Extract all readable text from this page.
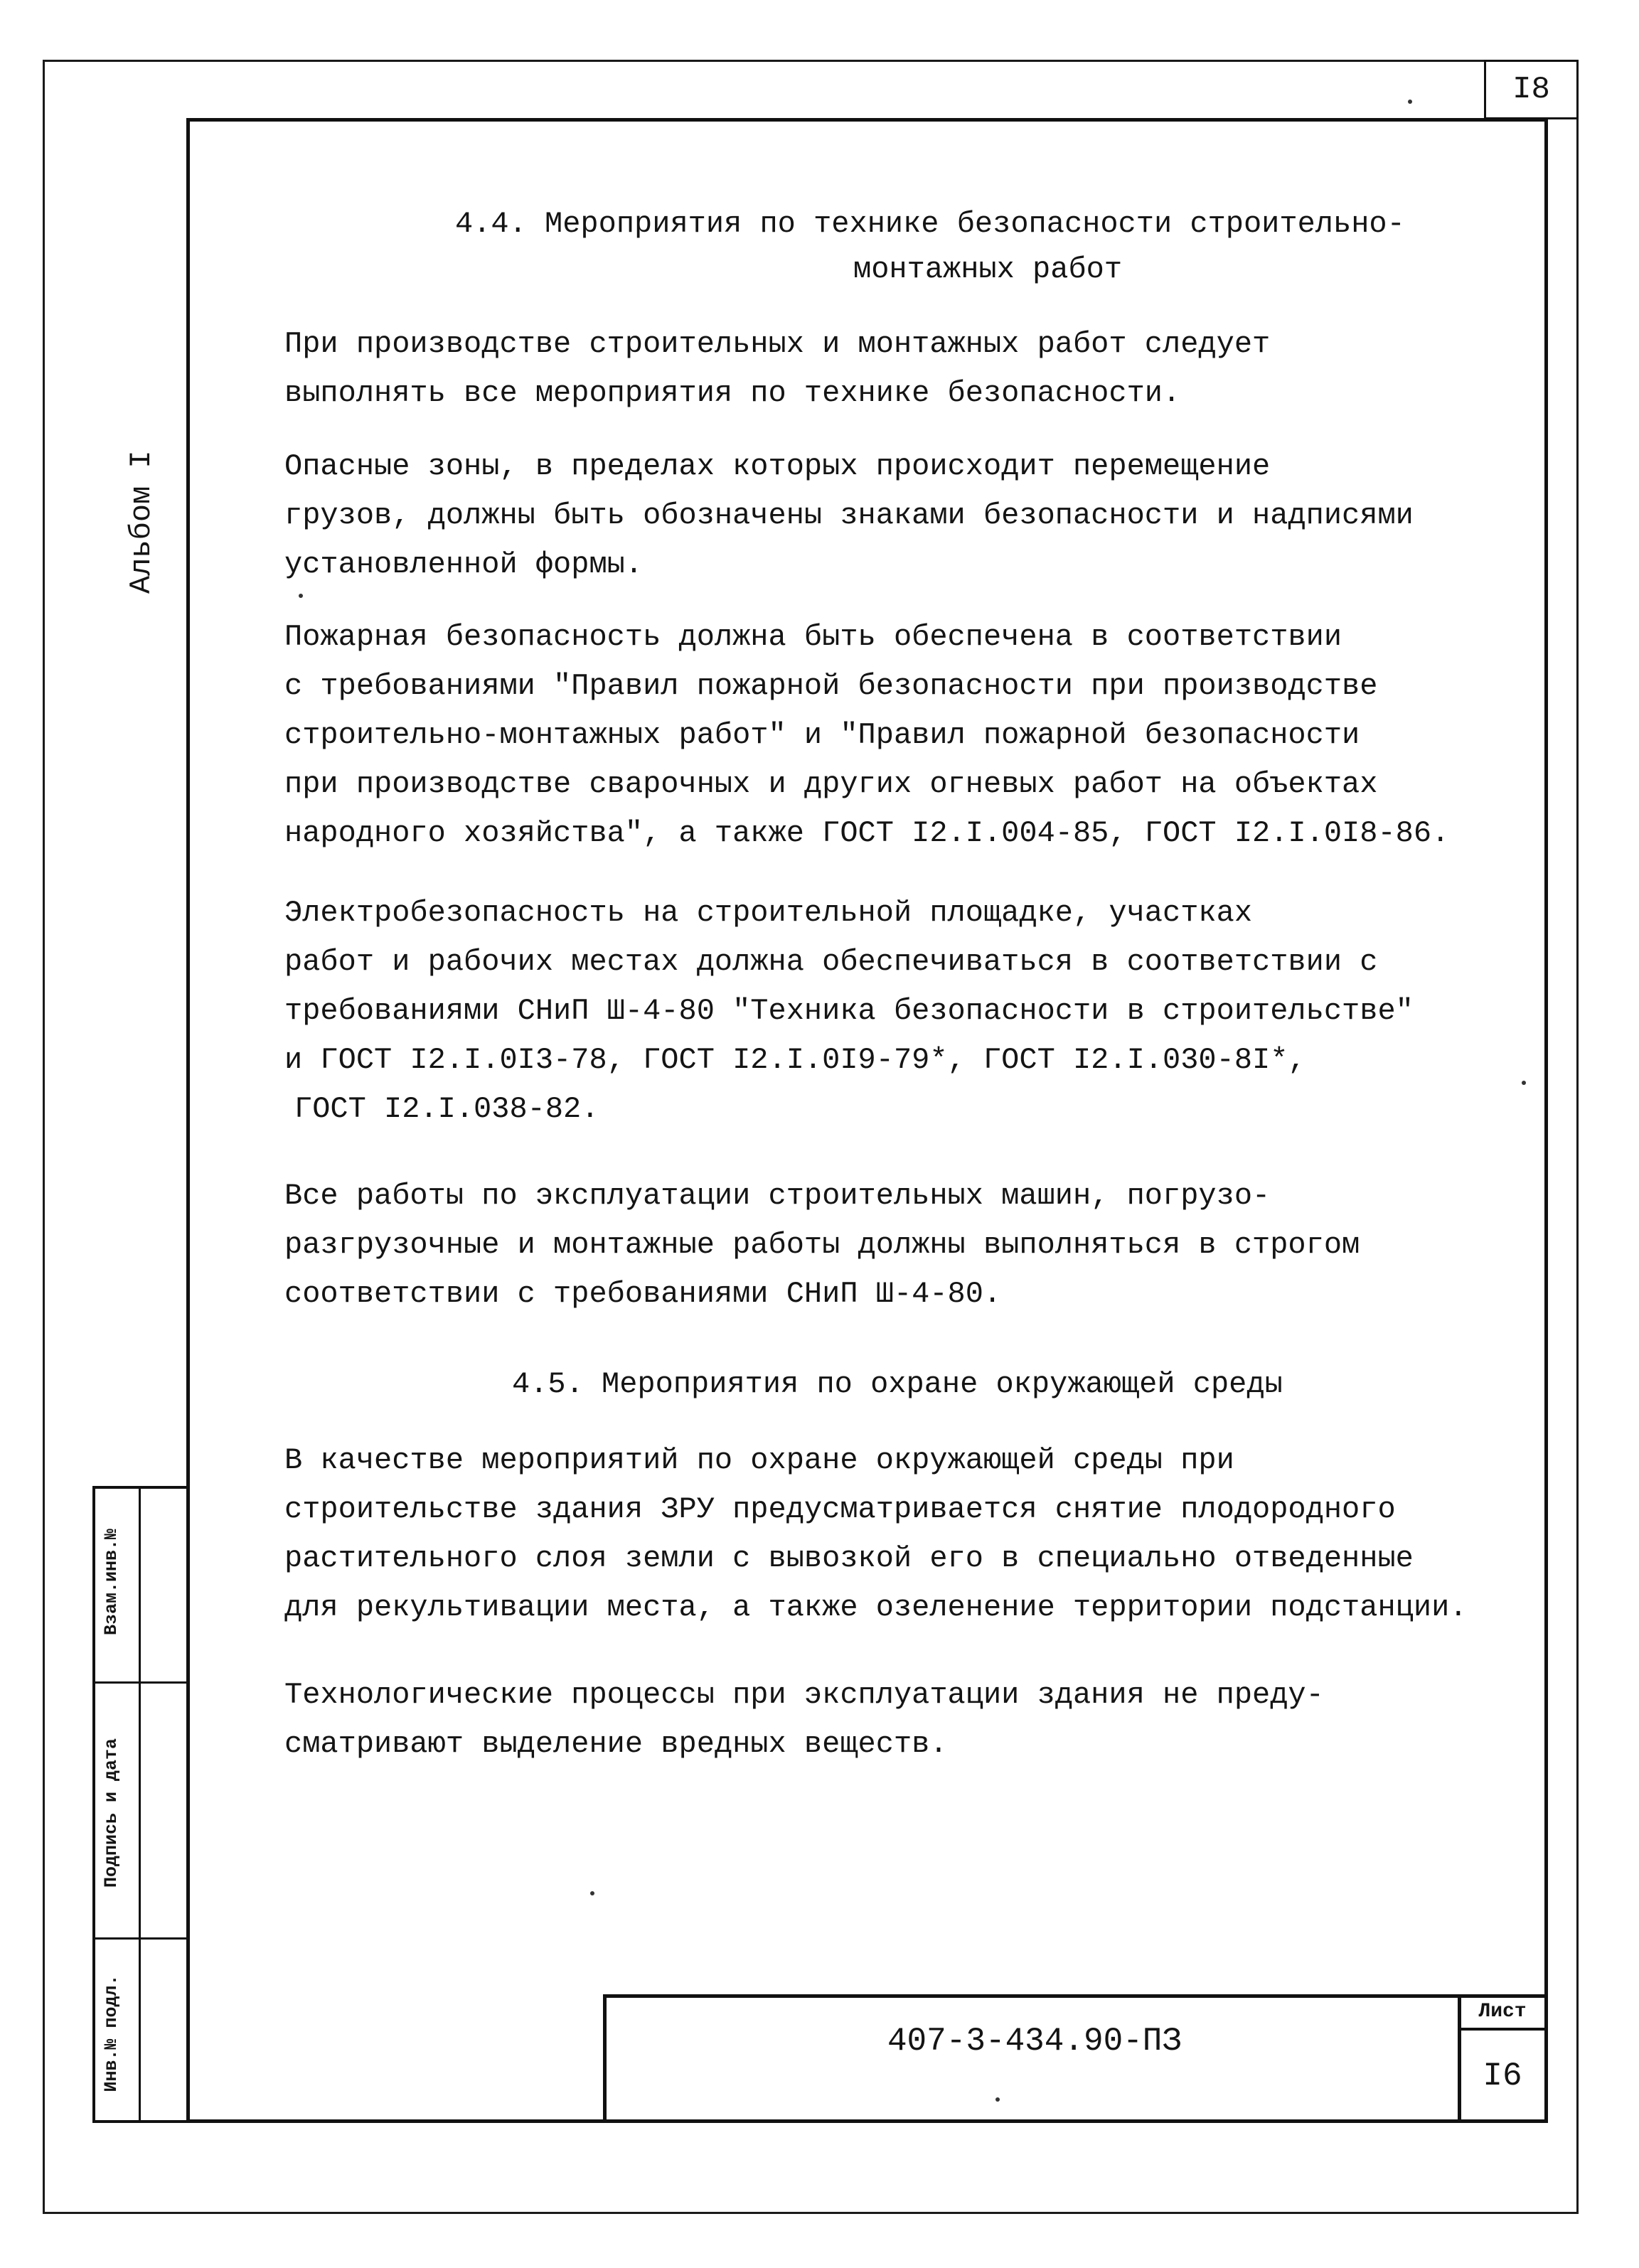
I8
Альбом I
Взам.инв.№
Подпись и дата
Инв.№ подл.
4.4. Мероприятия по технике безопасности строительно-
монтажных работ
При производстве строительных и монтажных работ следует
выполнять все мероприятия по технике безопасности.
Опасные зоны, в пределах которых происходит перемещение
грузов, должны быть обозначены знаками безопасности и надписями
установленной формы.
Пожарная безопасность должна быть обеспечена в соответствии
с требованиями "Правил пожарной безопасности при производстве
строительно-монтажных работ" и "Правил пожарной безопасности
при производстве сварочных и других огневых работ на объектах
народного хозяйства", а также ГОСТ I2.I.004-85, ГОСТ I2.I.0I8-86.
Электробезопасность на строительной площадке, участках
работ и рабочих местах должна обеспечиваться в соответствии с
требованиями СНиП Ш-4-80 "Техника безопасности в строительстве"
и ГОСТ I2.I.0I3-78, ГОСТ I2.I.0I9-79*, ГОСТ I2.I.030-8I*,
ГОСТ I2.I.038-82.
Все работы по эксплуатации строительных машин, погрузо-
разгрузочные и монтажные работы должны выполняться в строгом
соответствии с требованиями СНиП Ш-4-80.
4.5. Мероприятия по охране окружающей среды
В качестве мероприятий по охране окружающей среды при
строительстве здания ЗРУ предусматривается снятие плодородного
растительного слоя земли с вывозкой его в специально отведенные
для рекультивации места, а также озеленение территории подстанции.
Технологические процессы при эксплуатации здания не преду-
сматривают выделение вредных веществ.
407-3-434.90-ПЗ
Лист
I6
